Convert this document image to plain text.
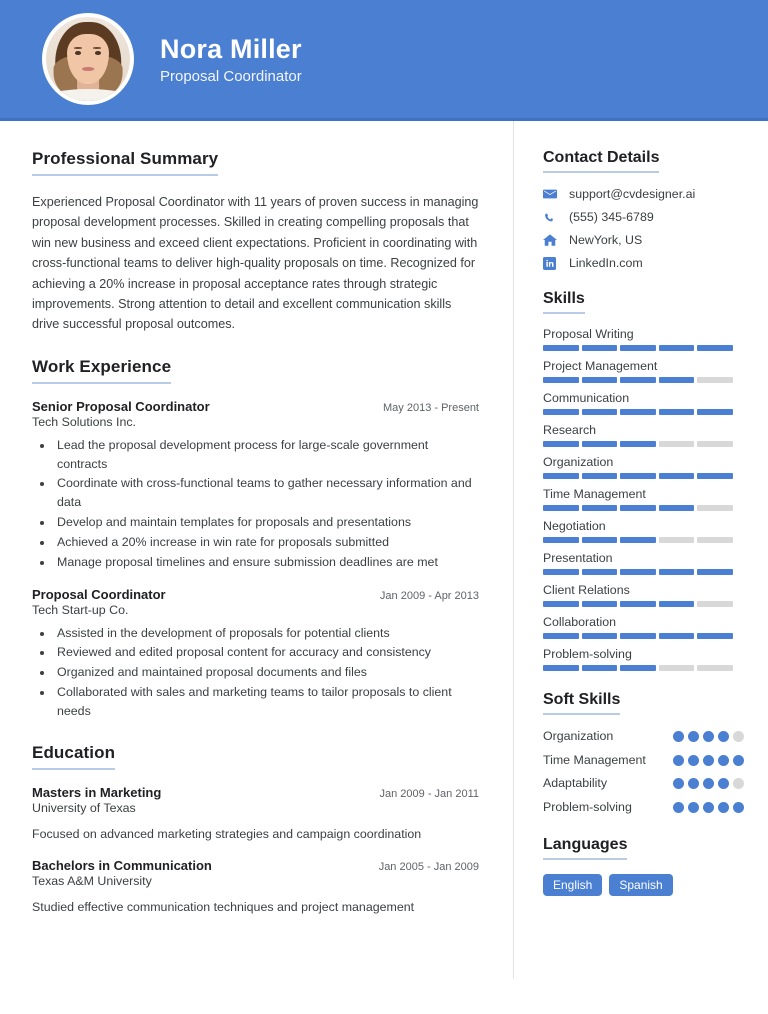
Nora Miller
Proposal Coordinator
Professional Summary
Experienced Proposal Coordinator with 11 years of proven success in managing proposal development processes. Skilled in creating compelling proposals that win new business and exceed client expectations. Proficient in coordinating with cross-functional teams to deliver high-quality proposals on time. Recognized for achieving a 20% increase in proposal acceptance rates through strategic improvements. Strong attention to detail and excellent communication skills drive successful proposal outcomes.
Work Experience
Senior Proposal Coordinator	May 2013 - Present
Tech Solutions Inc.
• Lead the proposal development process for large-scale government contracts
• Coordinate with cross-functional teams to gather necessary information and data
• Develop and maintain templates for proposals and presentations
• Achieved a 20% increase in win rate for proposals submitted
• Manage proposal timelines and ensure submission deadlines are met
Proposal Coordinator	Jan 2009 - Apr 2013
Tech Start-up Co.
• Assisted in the development of proposals for potential clients
• Reviewed and edited proposal content for accuracy and consistency
• Organized and maintained proposal documents and files
• Collaborated with sales and marketing teams to tailor proposals to client needs
Education
Masters in Marketing	Jan 2009 - Jan 2011
University of Texas
Focused on advanced marketing strategies and campaign coordination
Bachelors in Communication	Jan 2005 - Jan 2009
Texas A&M University
Studied effective communication techniques and project management
Contact Details
support@cvdesigner.ai
(555) 345-6789
NewYork, US
LinkedIn.com
Skills
Proposal Writing
Project Management
Communication
Research
Organization
Time Management
Negotiation
Presentation
Client Relations
Collaboration
Problem-solving
Soft Skills
Organization
Time Management
Adaptability
Problem-solving
Languages
English	Spanish
